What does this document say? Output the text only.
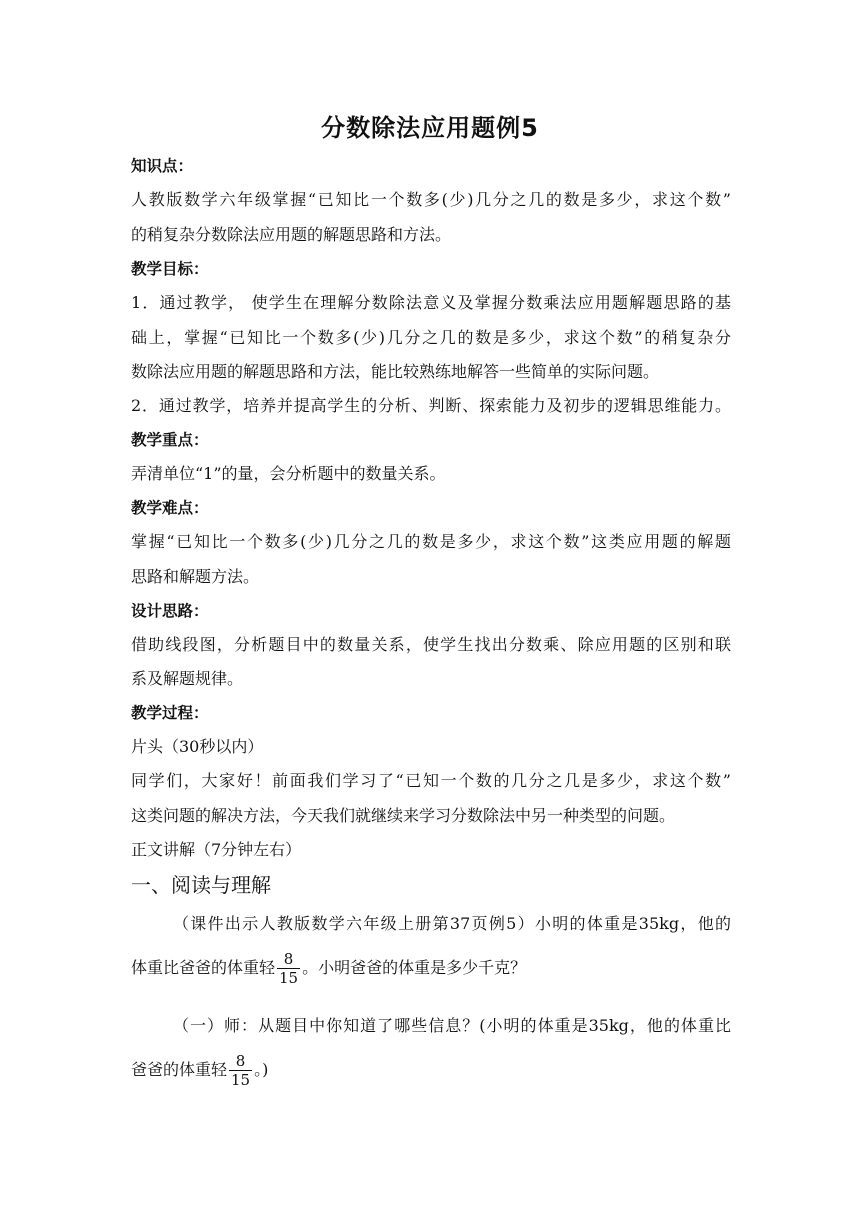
分数除法应用题例5
知识点：
人教版数学六年级掌握“已知比一个数多(少)几分之几的数是多少，求这个数”
的稍复杂分数除法应用题的解题思路和方法。
教学目标：
1．通过教学， 使学生在理解分数除法意义及掌握分数乘法应用题解题思路的基
础上，掌握“已知比一个数多(少)几分之几的数是多少，求这个数”的稍复杂分
数除法应用题的解题思路和方法，能比较熟练地解答一些简单的实际问题。
2．通过教学，培养并提高学生的分析、判断、探索能力及初步的逻辑思维能力。
教学重点：
弄清单位“1”的量，会分析题中的数量关系。
教学难点：
掌握“已知比一个数多(少)几分之几的数是多少，求这个数”这类应用题的解题
思路和解题方法。
设计思路：
借助线段图，分析题目中的数量关系，使学生找出分数乘、除应用题的区别和联
系及解题规律。
教学过程：
片头（30秒以内）
同学们，大家好！前面我们学习了“已知一个数的几分之几是多少，求这个数”
这类问题的解决方法，今天我们就继续来学习分数除法中另一种类型的问题。
正文讲解（7分钟左右）
一、阅读与理解
（课件出示人教版数学六年级上册第37页例5）小明的体重是35kg，他的
体重比爸爸的体重轻 $\frac{8}{15}$ 。小明爸爸的体重是多少千克？
（一）师：从题目中你知道了哪些信息？(小明的体重是35kg，他的体重比
爸爸的体重轻 $\frac{8}{15}$ 。)
